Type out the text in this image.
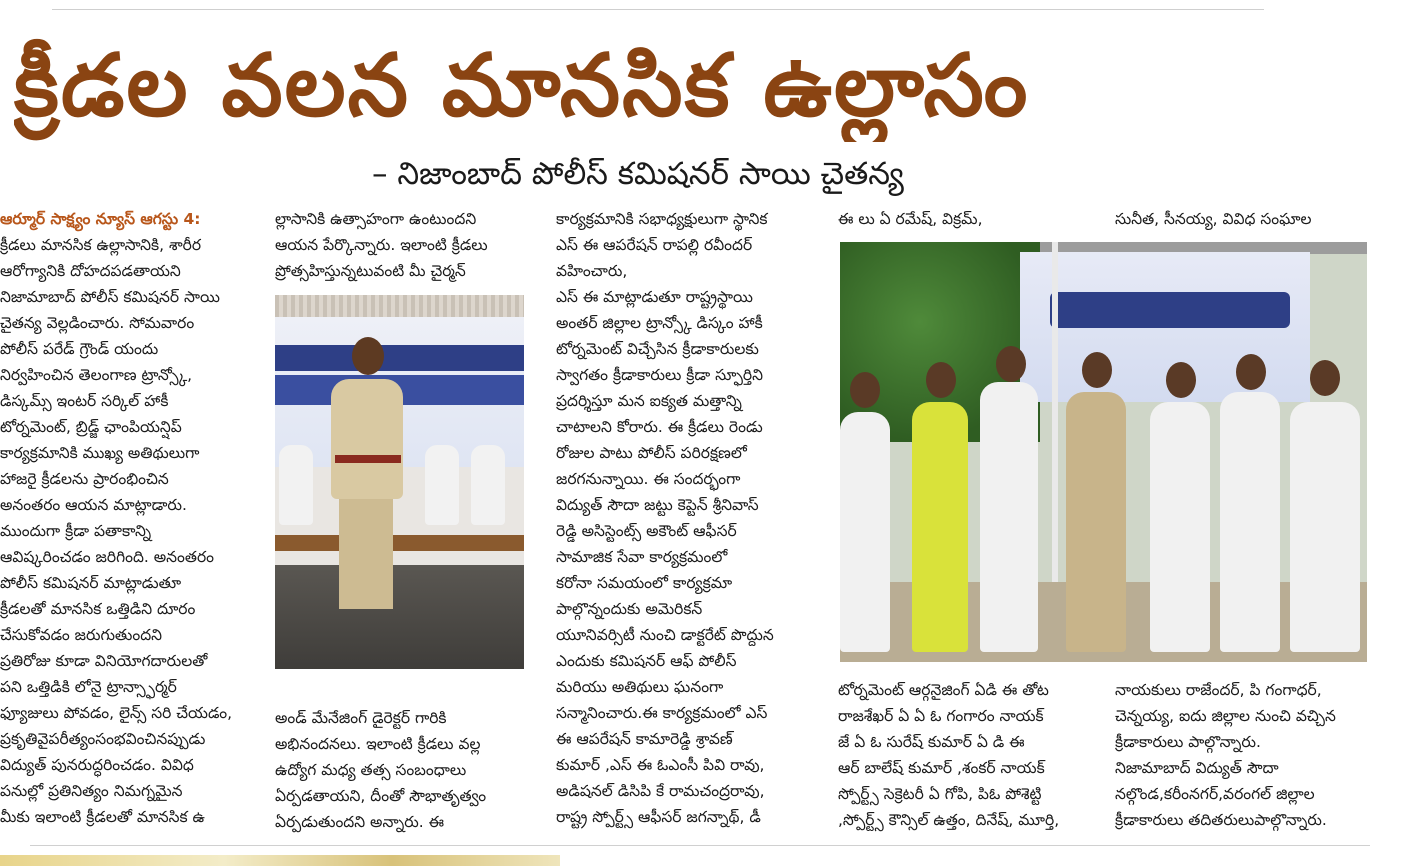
క్రీడల వలన మానసిక ఉల్లాసం
– నిజాంబాద్ పోలీస్ కమిషనర్ సాయి చైతన్య

ఆర్మూర్ సాక్ష్యం న్యూస్ ఆగస్టు 4:

క్రీడలు మానసిక ఉల్లాసానికి, శారీర

ఆరోగ్యానికి దోహదపడతాయని

నిజామాబాద్ పోలీస్ కమిషనర్ సాయి

చైతన్య వెల్లడించారు. సోమవారం

పోలీస్ పరేడ్ గ్రౌండ్ యందు

నిర్వహించిన తెలంగాణ ట్రాన్స్కో,

డిస్కమ్స్ ఇంటర్ సర్కిల్ హాకీ

టోర్నమెంట్, బ్రిడ్జ్ ఛాంపియన్షిప్

కార్యక్రమానికి ముఖ్య అతిథులుగా

హాజరై క్రీడలను ప్రారంభించిన

అనంతరం ఆయన మాట్లాడారు.

ముందుగా క్రీడా పతాకాన్ని

ఆవిష్కరించడం జరిగింది. అనంతరం

పోలీస్ కమిషనర్ మాట్లాడుతూ

క్రీడలతో మానసిక ఒత్తిడిని దూరం

చేసుకోవడం జరుగుతుందని

ప్రతిరోజు కూడా వినియోగదారులతో

పని ఒత్తిడికి లోనై ట్రాన్స్ఫార్మర్

ఫ్యూజులు పోవడం, లైన్స్ సరి చేయడం,

ప్రకృతివైపరీత్యంసంభవించినప్పుడు

విద్యుత్ పునరుద్ధరించడం. వివిధ

పనుల్లో ప్రతినిత్యం నిమగ్నమైన

మీకు ఇలాంటి క్రీడలతో మానసిక ఉ

ల్లాసానికి ఉత్సాహంగా ఉంటుందని

ఆయన పేర్కొన్నారు. ఇలాంటి క్రీడలు

ప్రోత్సహిస్తున్నటువంటి మీ చైర్మన్

అండ్ మేనేజింగ్ డైరెక్టర్ గారికి

అభినందనలు. ఇలాంటి క్రీడలు వల్ల

ఉద్యోగ మధ్య తత్స సంబంధాలు

ఏర్పడతాయని, దీంతో సౌభాతృత్వం

ఏర్పడుతుందని అన్నారు. ఈ

కార్యక్రమానికి సభాధ్యక్షులుగా స్థానిక

ఎస్ ఈ ఆపరేషన్ రాపల్లి రవీందర్

వహించారు,

ఎస్ ఈ మాట్లాడుతూ రాష్ట్రస్థాయి

అంతర్ జిల్లాల ట్రాన్స్కో డిస్కం హాకీ

టోర్నమెంట్ విచ్చేసిన క్రీడాకారులకు

స్వాగతం క్రీడాకారులు క్రీడా స్ఫూర్తిని

ప్రదర్శిస్తూ మన ఐక్యత మత్తాన్ని

చాటాలని కోరారు. ఈ క్రీడలు రెండు

రోజుల పాటు పోలీస్ పరిరక్షణలో

జరగనున్నాయి. ఈ సందర్భంగా

విద్యుత్ సౌదా జట్టు కెప్టెన్ శ్రీనివాస్

రెడ్డి అసిస్టెంట్స్ అకౌంట్ ఆఫీసర్

సామాజిక సేవా కార్యక్రమంలో

కరోనా సమయంలో కార్యక్రమా

పాల్గొన్నందుకు అమెరికన్

యూనివర్సిటీ నుంచి డాక్టరేట్ పొద్దున

ఎందుకు కమిషనర్ ఆఫ్ పోలీస్

మరియు అతిథులు ఘనంగా

సన్మానించారు.ఈ కార్యక్రమంలో ఎస్

ఈ ఆపరేషన్ కామారెడ్డి శ్రావణ్

కుమార్ ,ఎస్ ఈ ఓఎంసీ పివి రావు,

అడిషనల్ డిసిపి కే రామచంద్రరావు,

రాష్ట్ర స్పోర్ట్స్ ఆఫీసర్ జగన్నాథ్, డీ

ఈ లు ఏ రమేష్, విక్రమ్,	సునీత, సీనయ్య, వివిధ సంఘాల

టోర్నమెంట్ ఆర్గనైజింగ్ ఏడి ఈ తోట

రాజశేఖర్ ఏ ఏ ఓ గంగారం నాయక్

జే ఏ ఓ సురేష్ కుమార్ ఏ డి ఈ

ఆర్ బాలేష్ కుమార్ ,శంకర్ నాయక్

స్పోర్ట్స్ సెక్రెటరీ ఏ గోపి, పిఓ పోశెట్టి

,స్పోర్ట్స్ కౌన్సిల్ ఉత్తం, దినేష్, మూర్తి,

నాయకులు రాజేందర్, పి గంగాధర్,

చెన్నయ్య, ఐదు జిల్లాల నుంచి వచ్చిన

క్రీడాకారులు పాల్గొన్నారు.

నిజామాబాద్ విద్యుత్ సౌదా

నల్గొండ,కరీంనగర్,వరంగల్ జిల్లాల

క్రీడాకారులు తదితరులుపాల్గొన్నారు.
